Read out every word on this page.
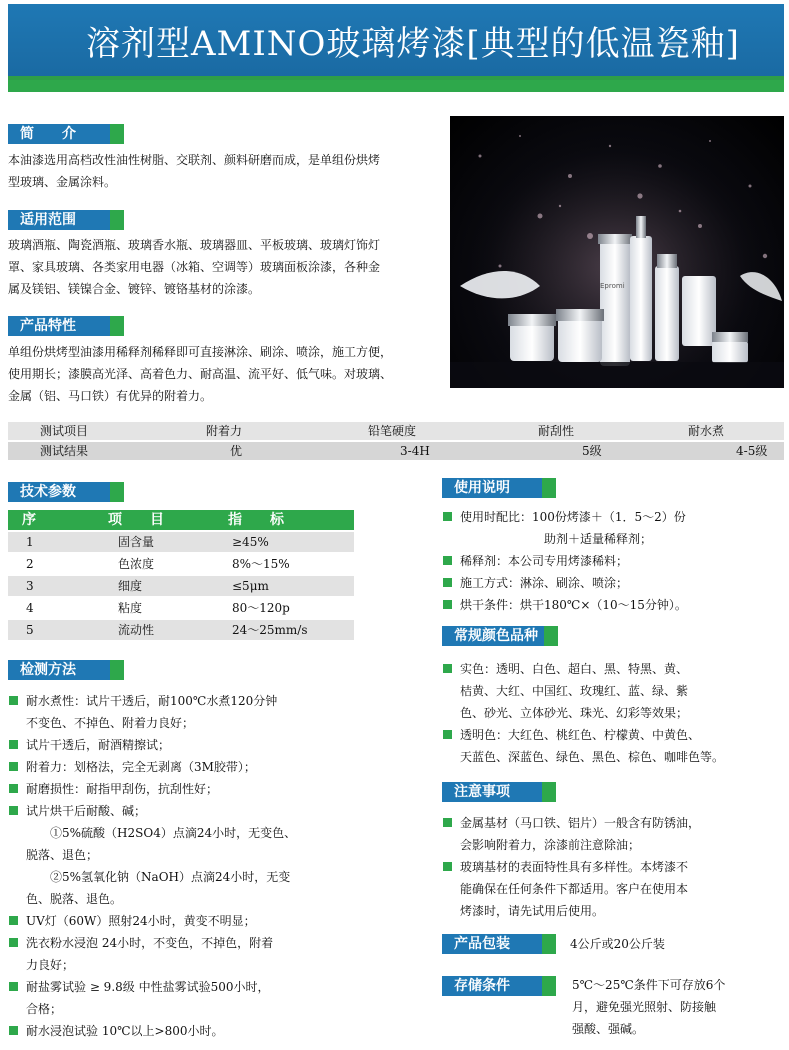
溶剂型AMINO玻璃烤漆[典型的低温瓷釉]
简　　介
本油漆选用高档改性油性树脂、交联剂、颜料研磨而成，是单组份烘烤
型玻璃、金属涂料。
适用范围
玻璃酒瓶、陶瓷酒瓶、玻璃香水瓶、玻璃器皿、平板玻璃、玻璃灯饰灯
罩、家具玻璃、各类家用电器（冰箱、空调等）玻璃面板涂漆，各种金
属及镁铝、镁镍合金、镀锌、镀铬基材的涂漆。
产品特性
单组份烘烤型油漆用稀释剂稀释即可直接淋涂、刷涂、喷涂，施工方便，
使用期长；漆膜高光泽、高着色力、耐高温、流平好、低气味。对玻璃、
金属（铝、马口铁）有优异的附着力。
Epromi
测试项目	附着力	铅笔硬度	耐刮性	耐水煮
测试结果	优	3-4H	5级	4-5级
技术参数
序	项　　目	指　　标
1	固含量	≥45%
2	色浓度	8%～15%
3	细度	≤5μm
4	粘度	80～120p
5	流动性	24～25mm/s
检测方法
耐水煮性：试片干透后，耐100℃水煮120分钟
不变色、不掉色、附着力良好；
试片干透后，耐酒精擦试；
附着力：划格法，完全无剥离（3M胶带）；
耐磨损性：耐指甲刮伤，抗刮性好；
试片烘干后耐酸、碱；
　　①5%硫酸（H2SO4）点滴24小时，无变色、
脱落、退色；
　　②5%氢氧化钠（NaOH）点滴24小时，无变
色、脱落、退色。
UV灯（60W）照射24小时，黄变不明显；
洗衣粉水浸泡 24小时，不变色，不掉色，附着
力良好；
耐盐雾试验 ≥ 9.8级 中性盐雾试验500小时，
合格；
耐水浸泡试验 10℃以上>800小时。
使用说明
使用时配比：100份烤漆＋（1．5～2）份
　　　　　　　助剂＋适量稀释剂；
稀释剂：本公司专用烤漆稀料；
施工方式：淋涂、刷涂、喷涂；
烘干条件：烘干180℃×（10～15分钟）。
常规颜色品种
实色：透明、白色、超白、黑、特黑、黄、
桔黄、大红、中国红、玫瑰红、蓝、绿、紫
色、砂光、立体砂光、珠光、幻彩等效果；
透明色：大红色、桃红色、柠檬黄、中黄色、
天蓝色、深蓝色、绿色、黑色、棕色、咖啡色等。
注意事项
金属基材（马口铁、铝片）一般含有防锈油，
会影响附着力，涂漆前注意除油；
玻璃基材的表面特性具有多样性。本烤漆不
能确保在任何条件下都适用。客户在使用本
烤漆时，请先试用后使用。
产品包装	4公斤或20公斤装
存储条件	5℃～25℃条件下可存放6个
月，避免强光照射、防接触
强酸、强碱。
